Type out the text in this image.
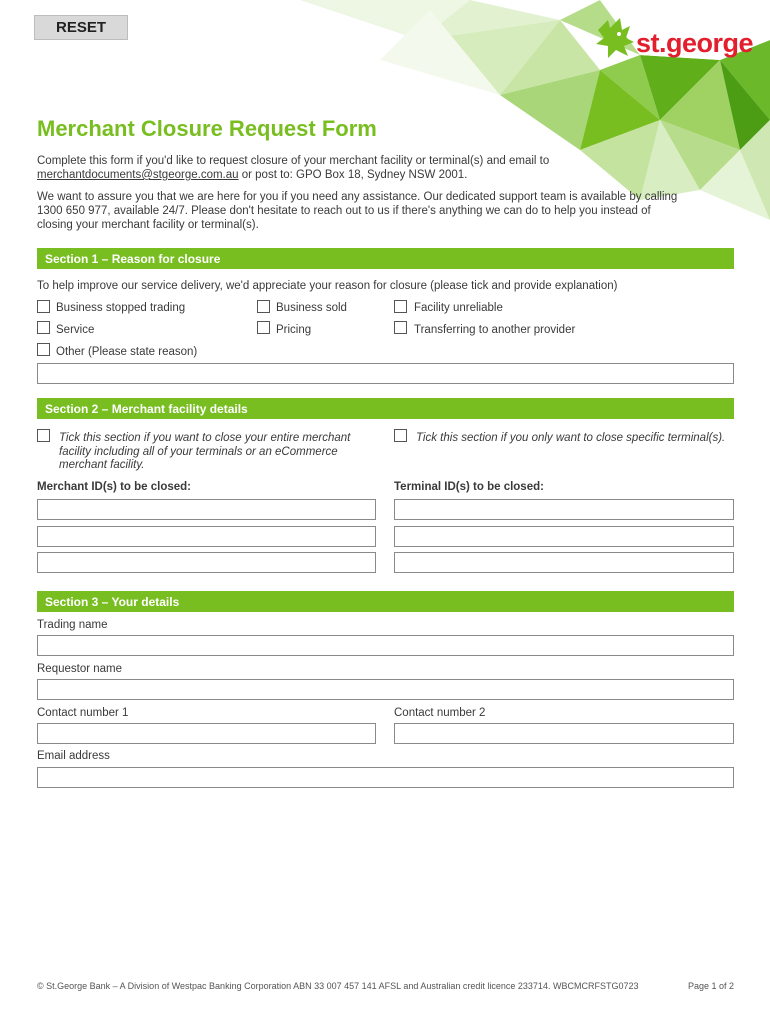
RESET
st.george
Merchant Closure Request Form

Complete this form if you'd like to request closure of your merchant facility or terminal(s) and email to
merchantdocuments@stgeorge.com.au or post to: GPO Box 18, Sydney NSW 2001.

We want to assure you that we are here for you if you need any assistance. Our dedicated support team is available by calling 1300 650 977, available 24/7. Please don't hesitate to reach out to us if there's anything we can do to help you instead of closing your merchant facility or terminal(s).

Section 1 – Reason for closure
To help improve our service delivery, we'd appreciate your reason for closure (please tick and provide explanation)
Business stopped trading	Business sold	Facility unreliable
Service	Pricing	Transferring to another provider
Other (Please state reason)
Section 2 – Merchant facility details
Tick this section if you want to close your entire merchant facility including all of your terminals or an eCommerce merchant facility.
Tick this section if you only want to close specific terminal(s).
Merchant ID(s) to be closed:	Terminal ID(s) to be closed:
Section 3 – Your details
Trading name
Requestor name
Contact number 1	Contact number 2
Email address
© St.George Bank – A Division of Westpac Banking Corporation ABN 33 007 457 141 AFSL and Australian credit licence 233714. WBCMCRFSTG0723	Page 1 of 2
